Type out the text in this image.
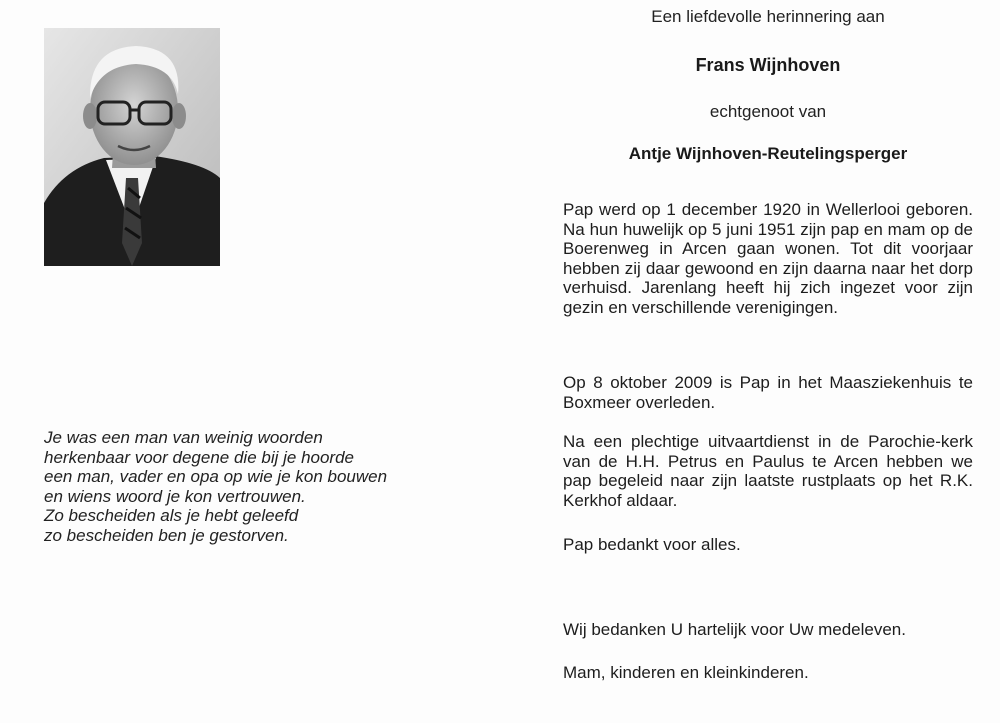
Je was een man van weinig woorden
herkenbaar voor degene die bij je hoorde
een man, vader en opa op wie je kon bouwen
en wiens woord je kon vertrouwen.
Zo bescheiden als je hebt geleefd
zo bescheiden ben je gestorven.
Een liefdevolle herinnering aan
Frans Wijnhoven
echtgenoot van
Antje Wijnhoven-Reutelingsperger
Pap werd op 1 december 1920 in Wellerlooi geboren. Na hun huwelijk op 5 juni 1951 zijn pap en mam op de Boerenweg in Arcen gaan wonen. Tot dit voorjaar hebben zij daar gewoond en zijn daarna naar het dorp verhuisd. Jarenlang heeft hij zich ingezet voor zijn gezin en verschillende verenigingen.
Op 8 oktober 2009 is Pap in het Maasziekenhuis te Boxmeer overleden.
Na een plechtige uitvaartdienst in de Parochie-kerk van de H.H. Petrus en Paulus te Arcen hebben we pap begeleid naar zijn laatste rustplaats op het R.K. Kerkhof aldaar.
Pap bedankt voor alles.
Wij bedanken U hartelijk voor Uw medeleven.
Mam, kinderen en kleinkinderen.
